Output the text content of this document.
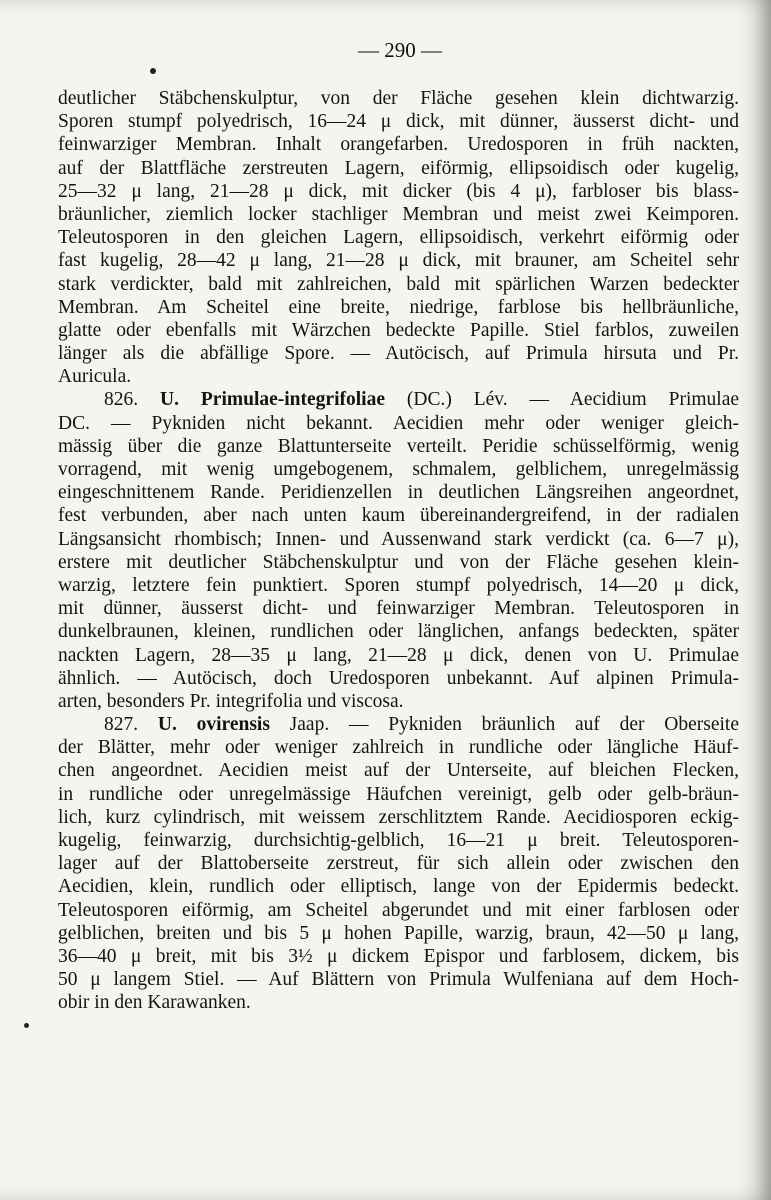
— 290 —
deutlicher Stäbchenskulptur, von der Fläche gesehen klein dichtwarzig.
Sporen stumpf polyedrisch, 16—24 μ dick, mit dünner, äusserst dicht- und
feinwarziger Membran. Inhalt orangefarben. Uredosporen in früh nackten,
auf der Blattfläche zerstreuten Lagern, eiförmig, ellipsoidisch oder kugelig,
25—32 μ lang, 21—28 μ dick, mit dicker (bis 4 μ), farbloser bis blass-
bräunlicher, ziemlich locker stachliger Membran und meist zwei Keimporen.
Teleutosporen in den gleichen Lagern, ellipsoidisch, verkehrt eiförmig oder
fast kugelig, 28—42 μ lang, 21—28 μ dick, mit brauner, am Scheitel sehr
stark verdickter, bald mit zahlreichen, bald mit spärlichen Warzen bedeckter
Membran. Am Scheitel eine breite, niedrige, farblose bis hellbräunliche,
glatte oder ebenfalls mit Wärzchen bedeckte Papille. Stiel farblos, zuweilen
länger als die abfällige Spore. — Autöcisch, auf Primula hirsuta und Pr.
Auricula.
826. U. Primulae-integrifoliae (DC.) Lév. — Aecidium Primulae
DC. — Pykniden nicht bekannt. Aecidien mehr oder weniger gleich-
mässig über die ganze Blattunterseite verteilt. Peridie schüsselförmig, wenig
vorragend, mit wenig umgebogenem, schmalem, gelblichem, unregelmässig
eingeschnittenem Rande. Peridienzellen in deutlichen Längsreihen angeordnet,
fest verbunden, aber nach unten kaum übereinandergreifend, in der radialen
Längsansicht rhombisch; Innen- und Aussenwand stark verdickt (ca. 6—7 μ),
erstere mit deutlicher Stäbchenskulptur und von der Fläche gesehen klein-
warzig, letztere fein punktiert. Sporen stumpf polyedrisch, 14—20 μ dick,
mit dünner, äusserst dicht- und feinwarziger Membran. Teleutosporen in
dunkelbraunen, kleinen, rundlichen oder länglichen, anfangs bedeckten, später
nackten Lagern, 28—35 μ lang, 21—28 μ dick, denen von U. Primulae
ähnlich. — Autöcisch, doch Uredosporen unbekannt. Auf alpinen Primula-
arten, besonders Pr. integrifolia und viscosa.
827. U. ovirensis Jaap. — Pykniden bräunlich auf der Oberseite
der Blätter, mehr oder weniger zahlreich in rundliche oder längliche Häuf-
chen angeordnet. Aecidien meist auf der Unterseite, auf bleichen Flecken,
in rundliche oder unregelmässige Häufchen vereinigt, gelb oder gelb-bräun-
lich, kurz cylindrisch, mit weissem zerschlitztem Rande. Aecidiosporen eckig-
kugelig, feinwarzig, durchsichtig-gelblich, 16—21 μ breit. Teleutosporen-
lager auf der Blattoberseite zerstreut, für sich allein oder zwischen den
Aecidien, klein, rundlich oder elliptisch, lange von der Epidermis bedeckt.
Teleutosporen eiförmig, am Scheitel abgerundet und mit einer farblosen oder
gelblichen, breiten und bis 5 μ hohen Papille, warzig, braun, 42—50 μ lang,
36—40 μ breit, mit bis 3½ μ dickem Epispor und farblosem, dickem, bis
50 μ langem Stiel. — Auf Blättern von Primula Wulfeniana auf dem Hoch-
obir in den Karawanken.
